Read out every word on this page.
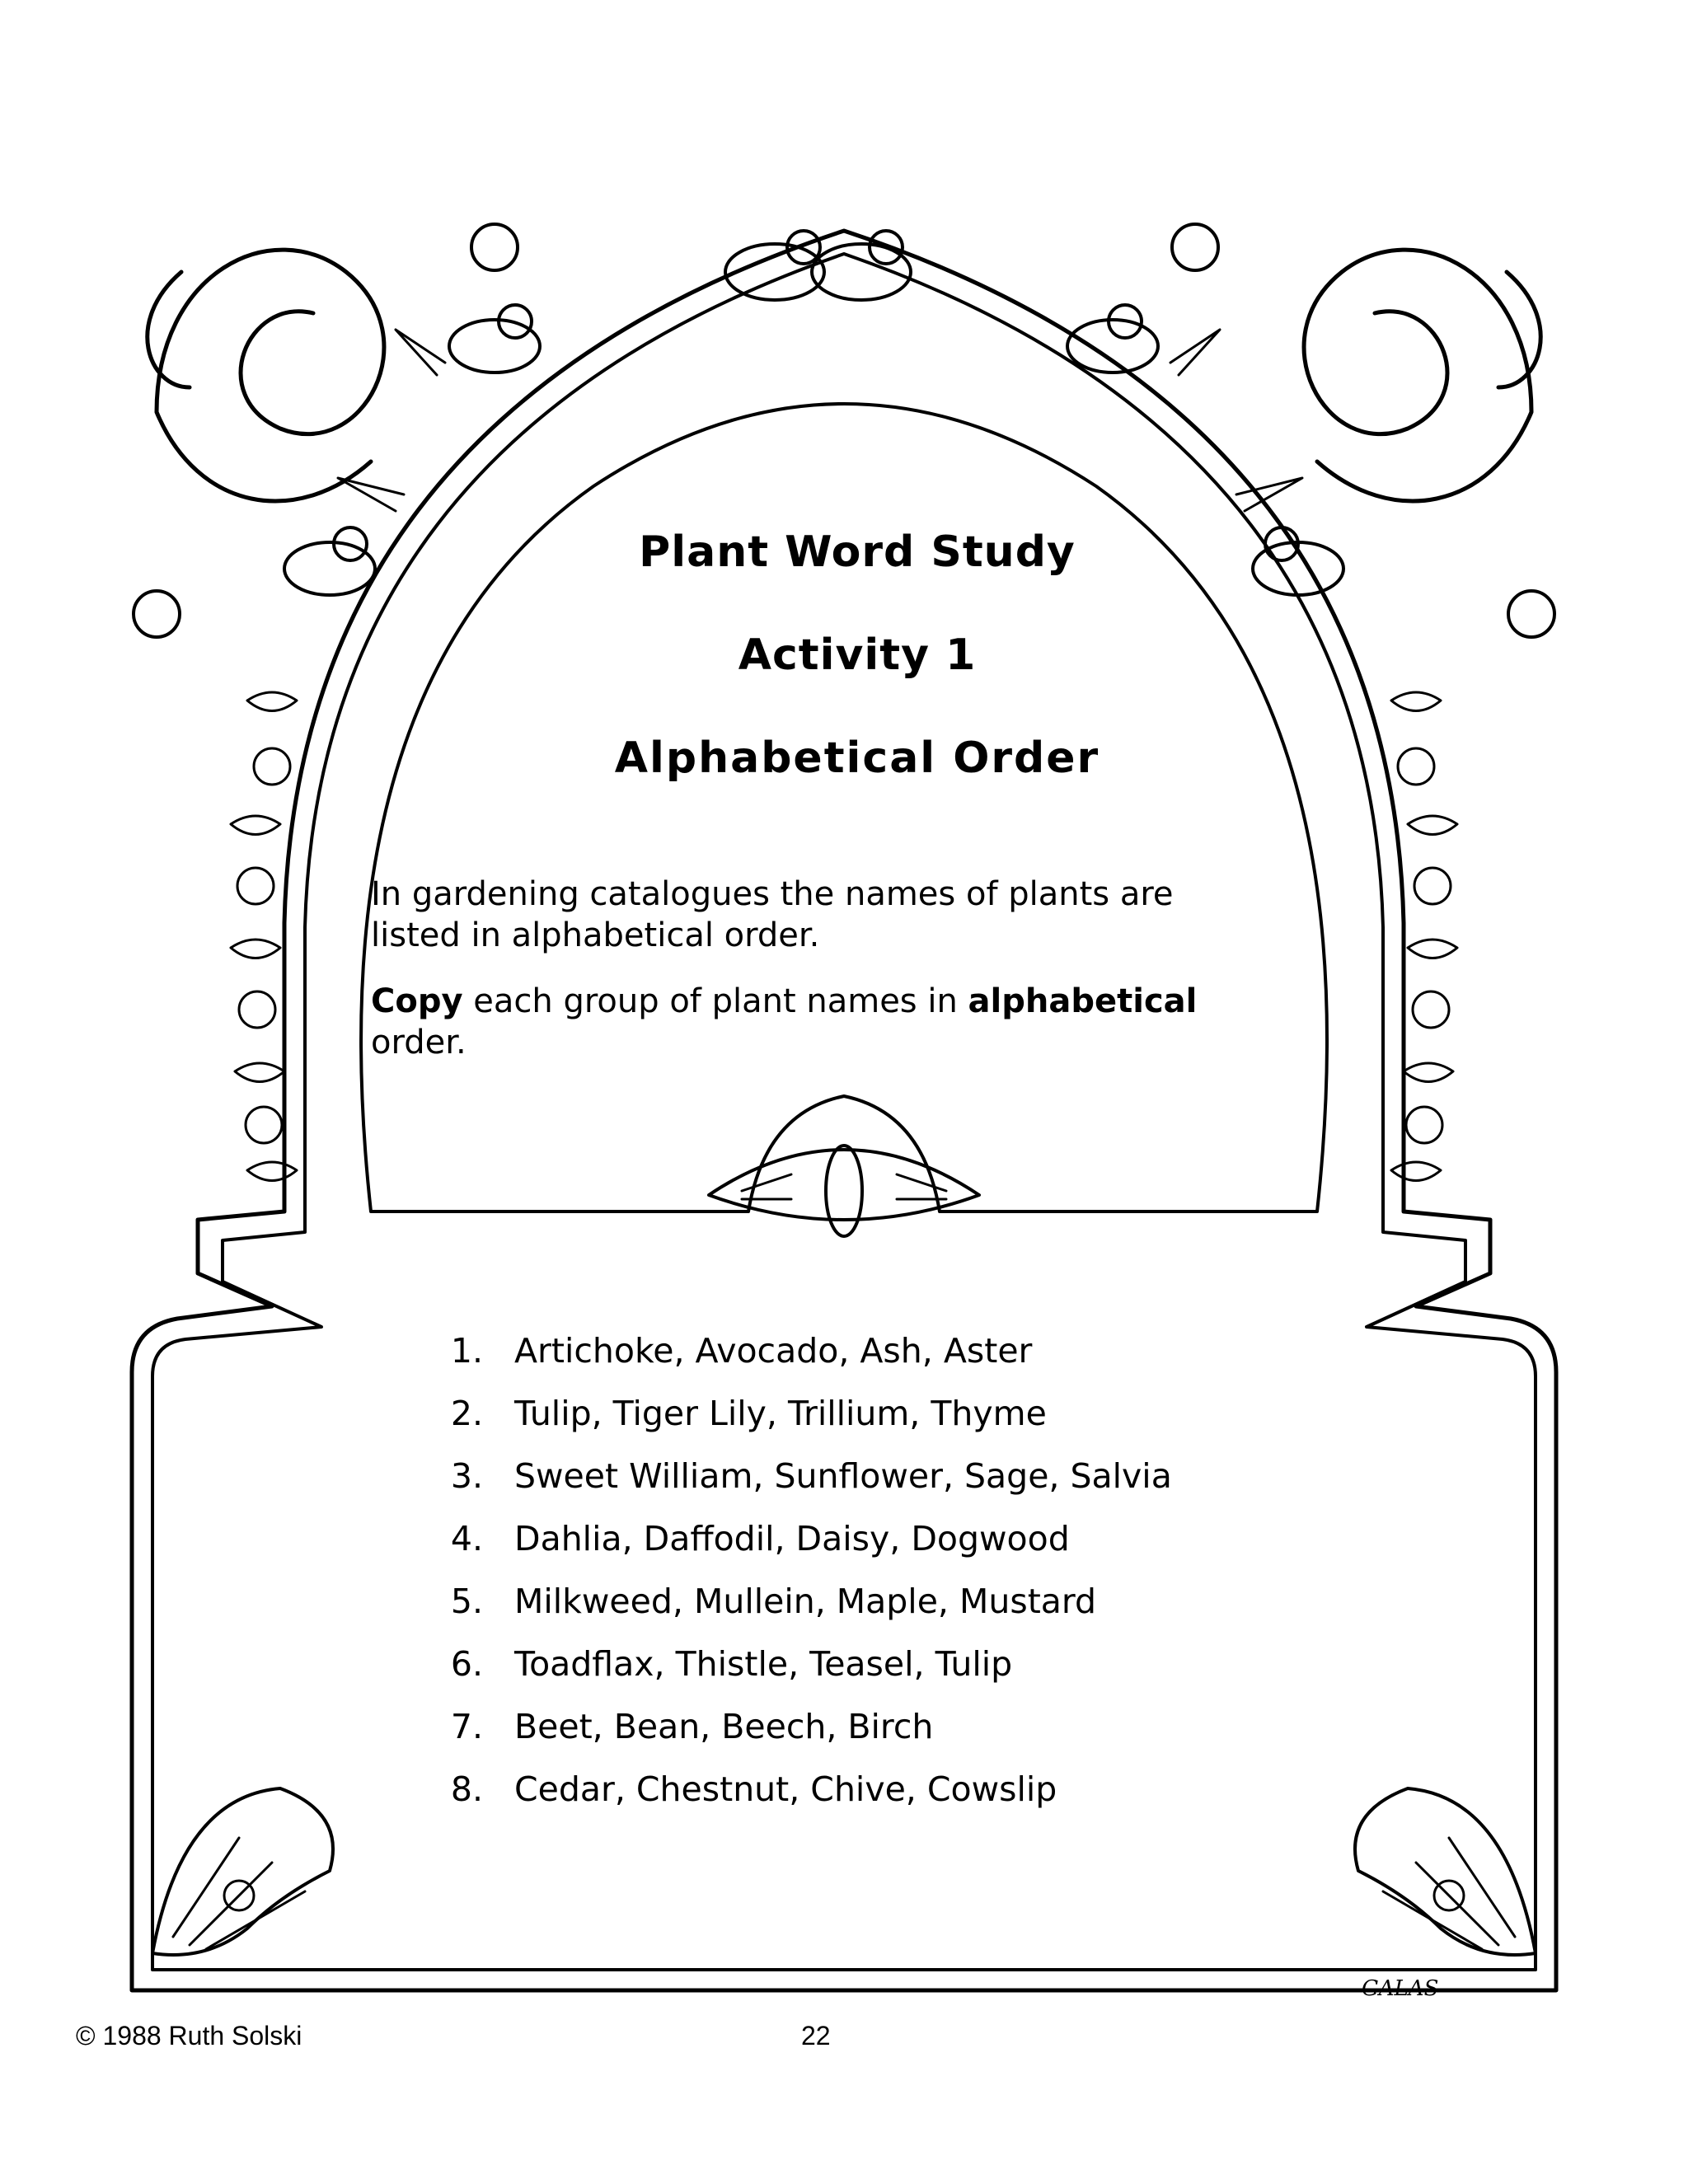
Plant Word Study
Activity 1
Alphabetical Order
In gardening catalogues the names of plants are listed in alphabetical order.
Copy each group of plant names in alphabetical order.
1. Artichoke, Avocado, Ash, Aster
2. Tulip, Tiger Lily, Trillium, Thyme
3. Sweet William, Sunflower, Sage, Salvia
4. Dahlia, Daffodil, Daisy, Dogwood
5. Milkweed, Mullein, Maple, Mustard
6. Toadflax, Thistle, Teasel, Tulip
7. Beet, Bean, Beech, Birch
8. Cedar, Chestnut, Chive, Cowslip
GALAS
© 1988 Ruth Solski	22
